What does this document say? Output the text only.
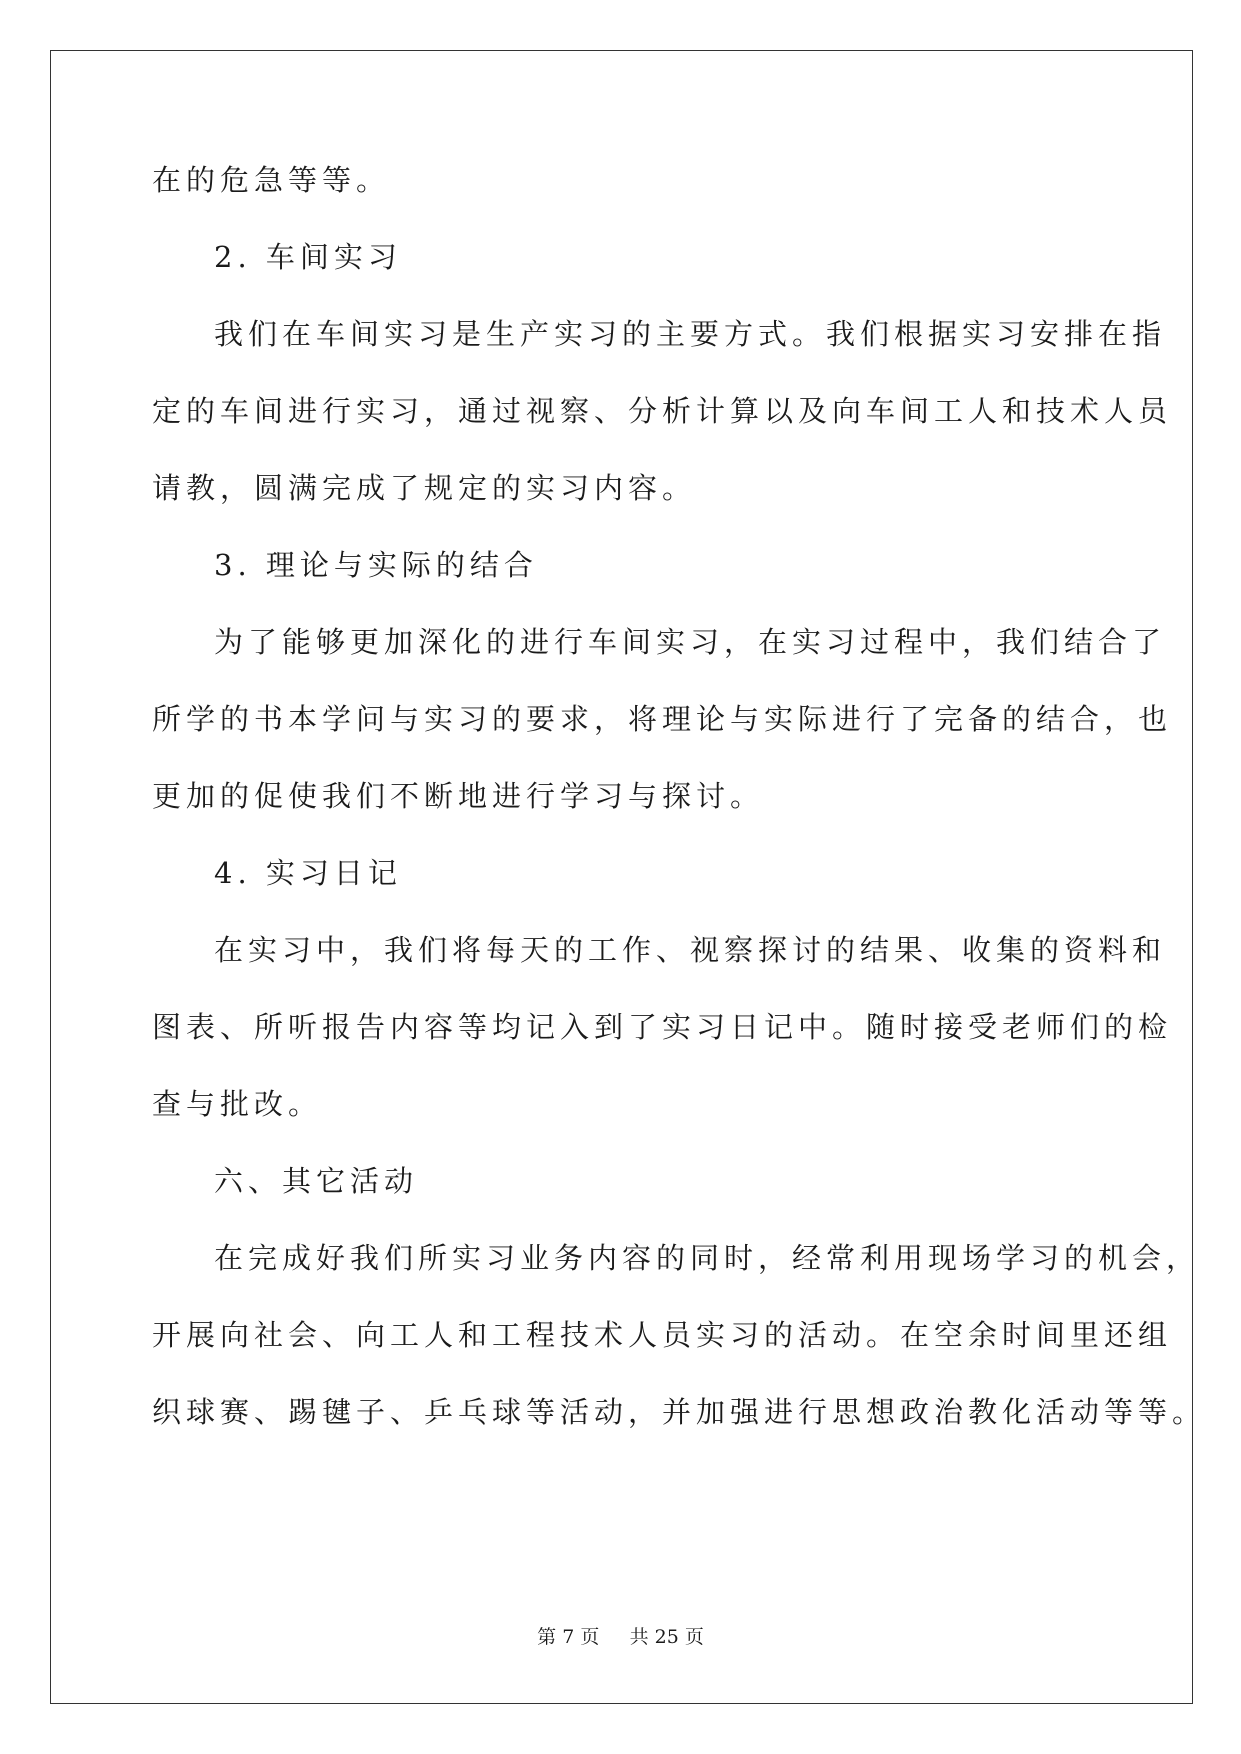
在的危急等等。
2. 车间实习
我们在车间实习是生产实习的主要方式。我们根据实习安排在指
定的车间进行实习，通过视察、分析计算以及向车间工人和技术人员
请教，圆满完成了规定的实习内容。
3. 理论与实际的结合
为了能够更加深化的进行车间实习，在实习过程中，我们结合了
所学的书本学问与实习的要求，将理论与实际进行了完备的结合，也
更加的促使我们不断地进行学习与探讨。
4. 实习日记
在实习中，我们将每天的工作、视察探讨的结果、收集的资料和
图表、所听报告内容等均记入到了实习日记中。随时接受老师们的检
查与批改。
六、其它活动
在完成好我们所实习业务内容的同时，经常利用现场学习的机会，
开展向社会、向工人和工程技术人员实习的活动。在空余时间里还组
织球赛、踢毽子、乒乓球等活动，并加强进行思想政治教化活动等等。
第 7 页 共 25 页
